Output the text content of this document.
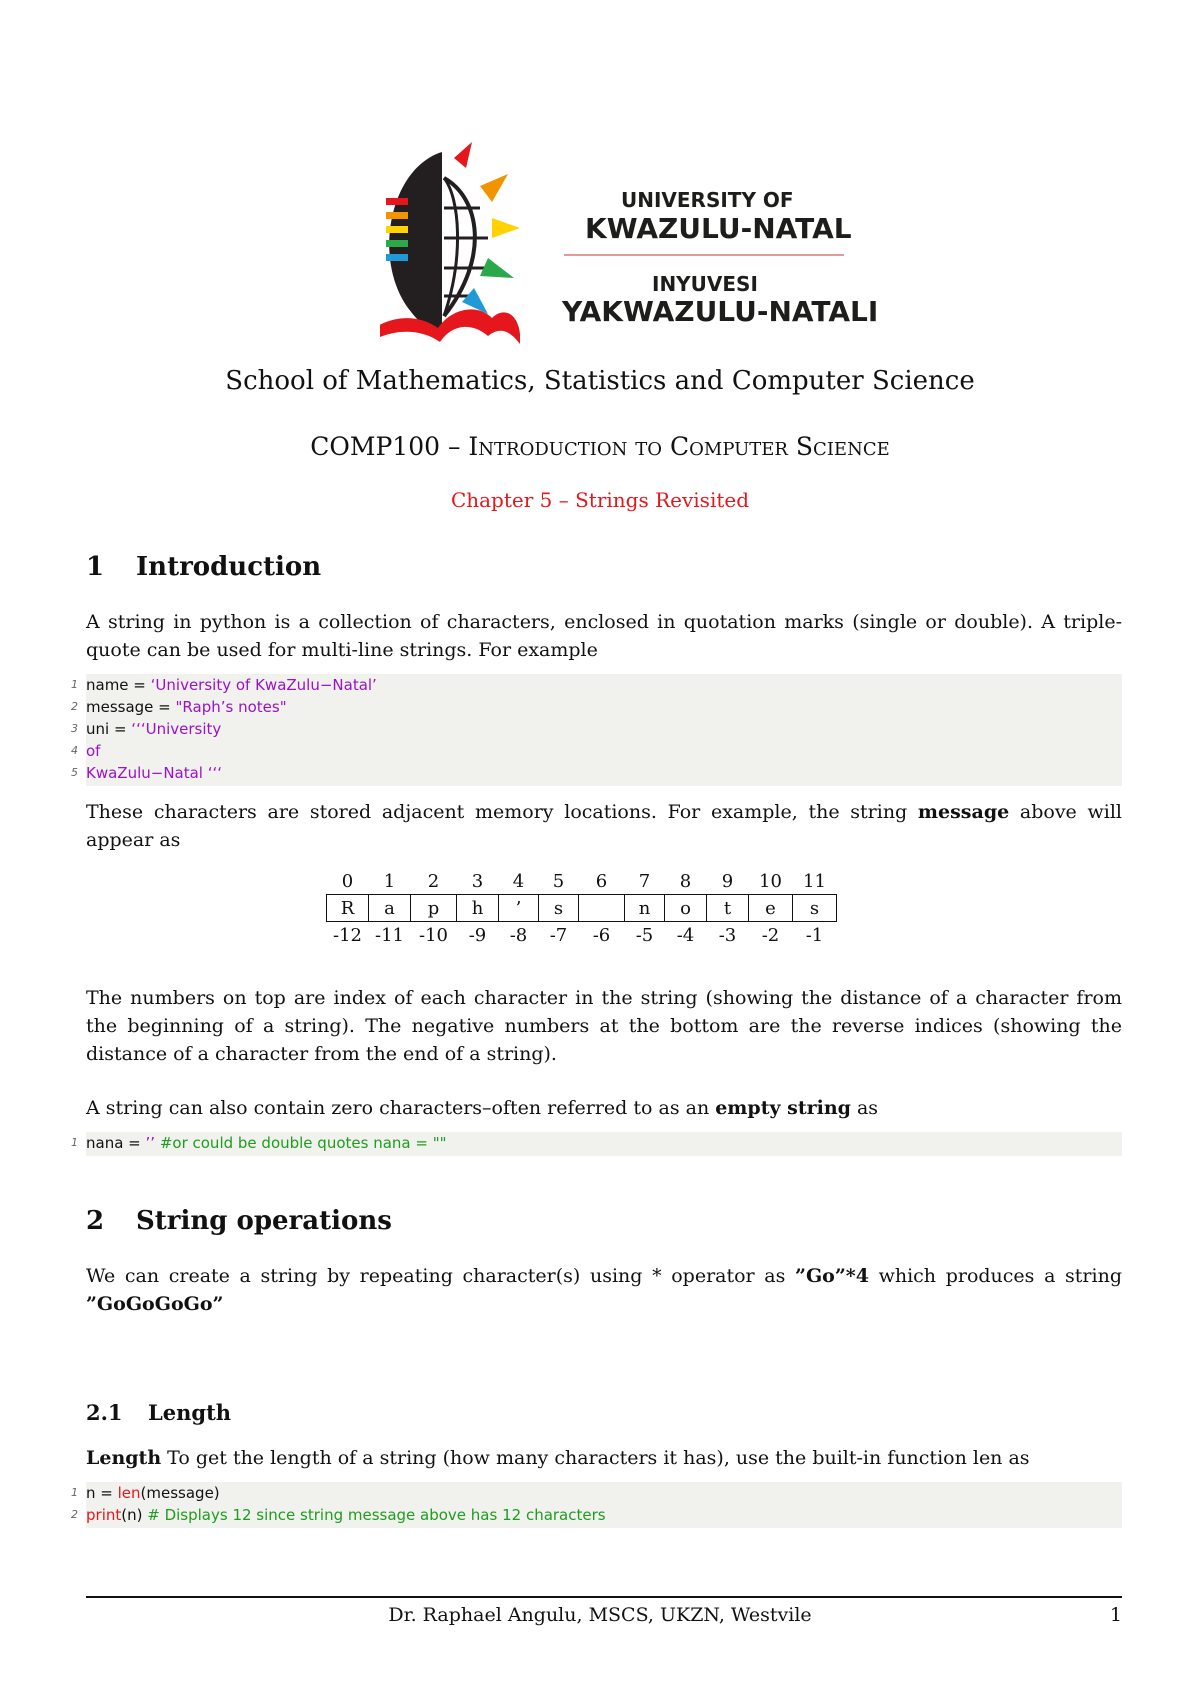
UNIVERSITY OF
KWAZULU-NATAL
INYUVESI
YAKWAZULU-NATALI
School of Mathematics, Statistics and Computer Science
COMP100 – Introduction to Computer Science
Chapter 5 – Strings Revisited
1 Introduction
A string in python is a collection of characters, enclosed in quotation marks (single or double). A triple-quote can be used for multi-line strings. For example
1 name = ‘University of KwaZulu−Natal’
2 message = "Raph’s notes"
3 uni = ‘‘‘University
4 of
5 KwaZulu−Natal ‘‘‘
These characters are stored adjacent memory locations. For example, the string message above will appear as
0	1	2	3	4	5	6	7	8	9	10	11
R	a	p	h	’	s		n	o	t	e	s
-12	-11	-10	-9	-8	-7	-6	-5	-4	-3	-2	-1
The numbers on top are index of each character in the string (showing the distance of a character from the beginning of a string). The negative numbers at the bottom are the reverse indices (showing the distance of a character from the end of a string).
A string can also contain zero characters–often referred to as an empty string as
1 nana = ’’ #or could be double quotes nana = ""
2 String operations
We can create a string by repeating character(s) using * operator as ”Go”*4 which produces a string ”GoGoGoGo”
2.1 Length
Length To get the length of a string (how many characters it has), use the built-in function len as
1 n = len(message)
2 print(n) # Displays 12 since string message above has 12 characters
Dr. Raphael Angulu, MSCS, UKZN, Westvile	1
